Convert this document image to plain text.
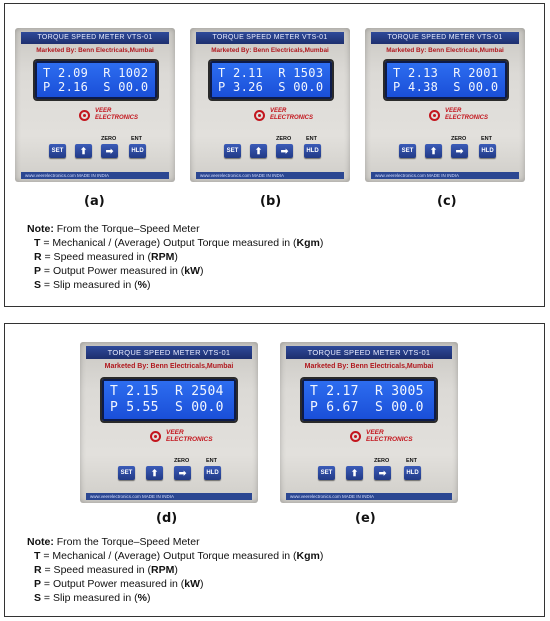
TORQUE SPEED METER VTS-01
Marketed By: Benn Electricals,Mumbai
T 2.09  R 1002
P 2.16  S 00.0
VEER
ELECTRONICS
ZERO	ENT
SET	⬆	➡	HLD
www.veerelectronics.com MADE IN INDIA
TORQUE SPEED METER VTS-01
Marketed By: Benn Electricals,Mumbai
T 2.11  R 1503
P 3.26  S 00.0
VEER
ELECTRONICS
ZERO	ENT
SET	⬆	➡	HLD
www.veerelectronics.com MADE IN INDIA
TORQUE SPEED METER VTS-01
Marketed By: Benn Electricals,Mumbai
T 2.13  R 2001
P 4.38  S 00.0
VEER
ELECTRONICS
ZERO	ENT
SET	⬆	➡	HLD
www.veerelectronics.com MADE IN INDIA
TORQUE SPEED METER VTS-01
Marketed By: Benn Electricals,Mumbai
T 2.15  R 2504
P 5.55  S 00.0
VEER
ELECTRONICS
ZERO	ENT
SET	⬆	➡	HLD
www.veerelectronics.com MADE IN INDIA
TORQUE SPEED METER VTS-01
Marketed By: Benn Electricals,Mumbai
T 2.17  R 3005
P 6.67  S 00.0
VEER
ELECTRONICS
ZERO	ENT
SET	⬆	➡	HLD
www.veerelectronics.com MADE IN INDIA
(a)	(b)	(c)
(d)	(e)
Note: From the Torque–Speed Meter
T = Mechanical / (Average) Output Torque measured in (Kgm)
R = Speed measured in (RPM)
P = Output Power measured in (kW)
S = Slip measured in (%)
Note: From the Torque–Speed Meter
T = Mechanical / (Average) Output Torque measured in (Kgm)
R = Speed measured in (RPM)
P = Output Power measured in (kW)
S = Slip measured in (%)
